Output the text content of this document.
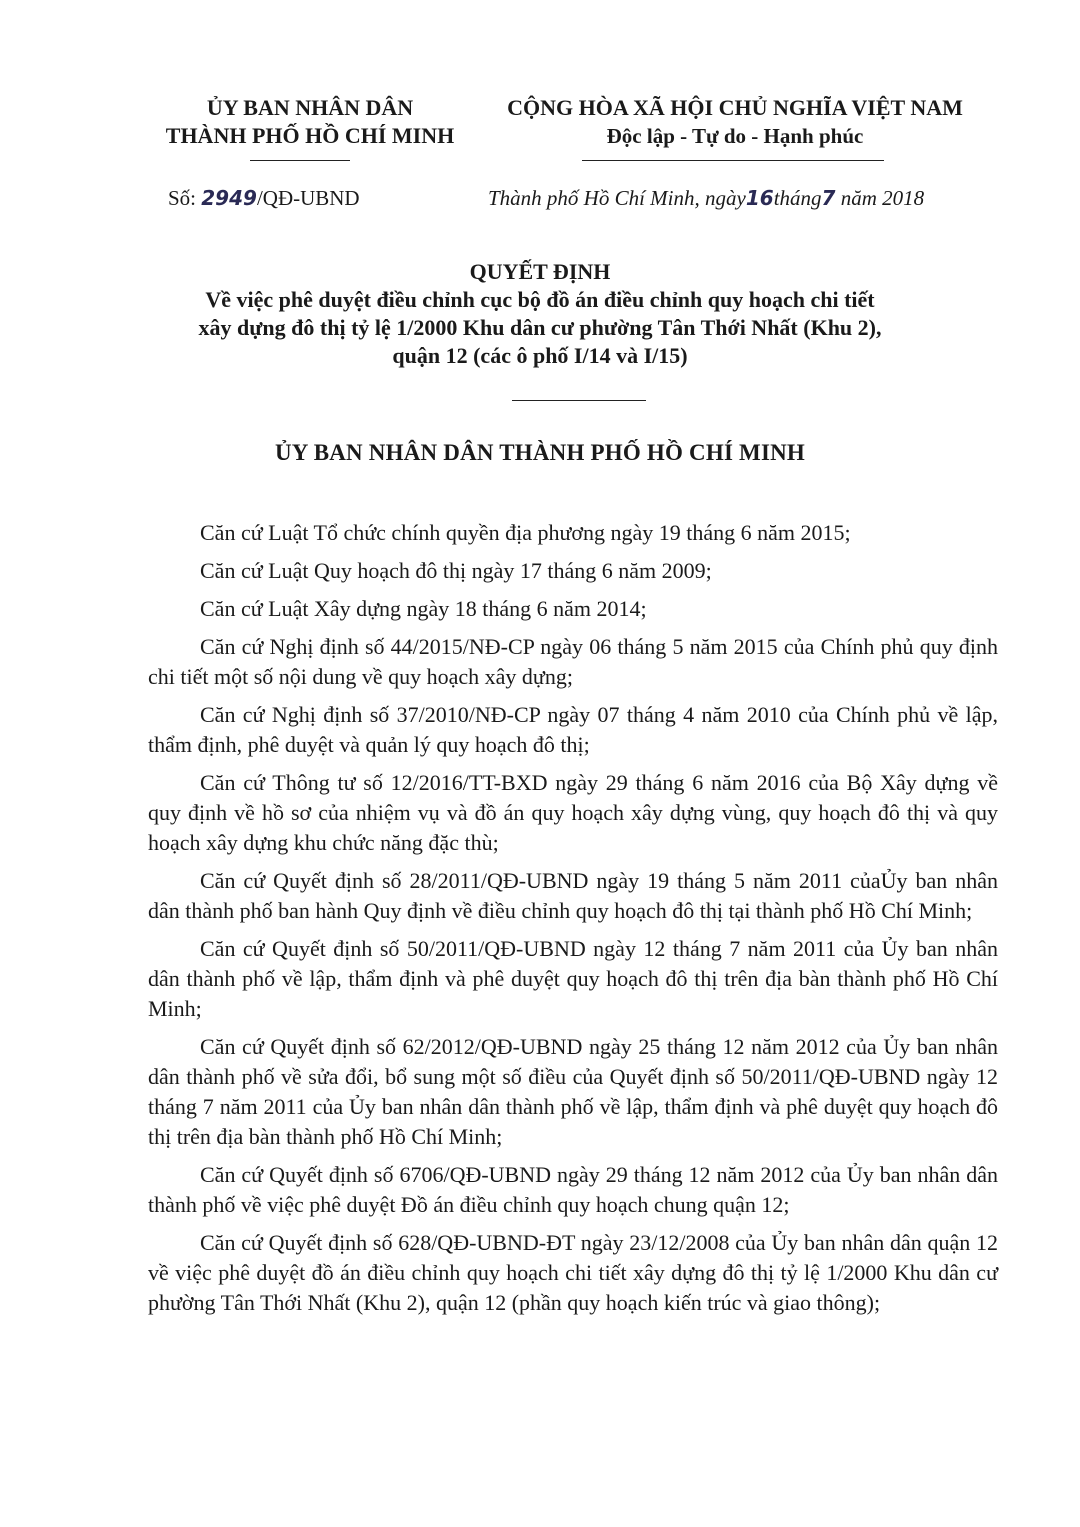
ỦY BAN NHÂN DÂN
THÀNH PHỐ HỒ CHÍ MINH
CỘNG HÒA XÃ HỘI CHỦ NGHĨA VIỆT NAM
Độc lập - Tự do - Hạnh phúc
Số: 2949/QĐ-UBND	Thành phố Hồ Chí Minh, ngày16tháng7 năm 2018
QUYẾT ĐỊNH
Về việc phê duyệt điều chỉnh cục bộ đồ án điều chỉnh quy hoạch chi tiết
xây dựng đô thị tỷ lệ 1/2000 Khu dân cư phường Tân Thới Nhất (Khu 2),
quận 12 (các ô phố I/14 và I/15)
ỦY BAN NHÂN DÂN THÀNH PHỐ HỒ CHÍ MINH

Căn cứ Luật Tổ chức chính quyền địa phương ngày 19 tháng 6 năm 2015;

Căn cứ Luật Quy hoạch đô thị ngày 17 tháng 6 năm 2009;

Căn cứ Luật Xây dựng ngày 18 tháng 6 năm 2014;

Căn cứ Nghị định số 44/2015/NĐ-CP ngày 06 tháng 5 năm 2015 của Chính phủ quy định chi tiết một số nội dung về quy hoạch xây dựng;

Căn cứ Nghị định số 37/2010/NĐ-CP ngày 07 tháng 4 năm 2010 của Chính phủ về lập, thẩm định, phê duyệt và quản lý quy hoạch đô thị;

Căn cứ Thông tư số 12/2016/TT-BXD ngày 29 tháng 6 năm 2016 của Bộ Xây dựng về quy định về hồ sơ của nhiệm vụ và đồ án quy hoạch xây dựng vùng, quy hoạch đô thị và quy hoạch xây dựng khu chức năng đặc thù;

Căn cứ Quyết định số 28/2011/QĐ-UBND ngày 19 tháng 5 năm 2011 củaỦy ban nhân dân thành phố ban hành Quy định về điều chỉnh quy hoạch đô thị tại thành phố Hồ Chí Minh;

Căn cứ Quyết định số 50/2011/QĐ-UBND ngày 12 tháng 7 năm 2011 của Ủy ban nhân dân thành phố về lập, thẩm định và phê duyệt quy hoạch đô thị trên địa bàn thành phố Hồ Chí Minh;

Căn cứ Quyết định số 62/2012/QĐ-UBND ngày 25 tháng 12 năm 2012 của Ủy ban nhân dân thành phố về sửa đổi, bổ sung một số điều của Quyết định số 50/2011/QĐ-UBND ngày 12 tháng 7 năm 2011 của Ủy ban nhân dân thành phố về lập, thẩm định và phê duyệt quy hoạch đô thị trên địa bàn thành phố Hồ Chí Minh;

Căn cứ Quyết định số 6706/QĐ-UBND ngày 29 tháng 12 năm 2012 của Ủy ban nhân dân thành phố về việc phê duyệt Đồ án điều chỉnh quy hoạch chung quận 12;

Căn cứ Quyết định số 628/QĐ-UBND-ĐT ngày 23/12/2008 của Ủy ban nhân dân quận 12 về việc phê duyệt đồ án điều chỉnh quy hoạch chi tiết xây dựng đô thị tỷ lệ 1/2000 Khu dân cư phường Tân Thới Nhất (Khu 2), quận 12 (phần quy hoạch kiến trúc và giao thông);
